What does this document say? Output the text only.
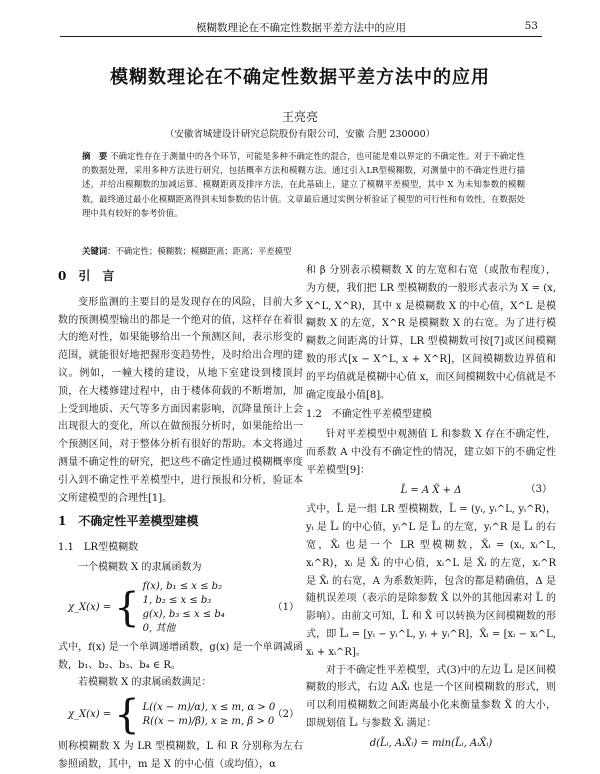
模糊数理论在不确定性数据平差方法中的应用	53
模糊数理论在不确定性数据平差方法中的应用
王亮亮
（安徽省城建设计研究总院股份有限公司，安徽 合肥 230000）
摘　要 不确定性存在于测量中的各个环节，可能是多种不确定性的混合，也可能是难以界定的不确定性。对于不确定性的数据处理，采用多种方法进行研究，包括概率方法和模糊方法。通过引入LR型模糊数，对测量中的不确定性进行描述，并给出模糊数的加减运算、模糊距离及排序方法，在此基础上，建立了模糊平差模型，其中 X 为未知参数的模糊数，最终通过最小化模糊距离得到未知参数的估计值。文章最后通过实例分析验证了模型的可行性和有效性，在数据处理中具有较好的参考价值。
关键词：不确定性；模糊数；模糊距离；距离；平差模型
0　引　言

变形监测的主要目的是发现存在的风险，目前大多数的预测模型输出的都是一个绝对的值，这样存在着很大的绝对性，如果能够给出一个预测区间，表示形变的范围，就能很好地把握形变趋势性，及时给出合理的建议。例如，一幢大楼的建设，从地下室建设到楼顶封顶，在大楼修建过程中，由于楼体荷载的不断增加，加上受到地质、天气等多方面因素影响，沉降量预计上会出现很大的变化，所以在做预报分析时，如果能给出一个预测区间，对于整体分析有很好的帮助。本文将通过测量不确定性的研究，把这些不确定性通过模糊概率度引入到不确定性平差模型中，进行预报和分析，验证本文所建模型的合理性[1]。

1　不确定性平差模型建模
1.1　LR型模糊数

一个模糊数 X 的隶属函数为

χ_X(x) = { f(x), b₁ ≤ x ≤ b₂
1, b₂ ≤ x ≤ b₃
g(x), b₃ ≤ x ≤ b₄
0, 其他
（1）

式中，f(x) 是一个单调递增函数，g(x) 是一个单调减函数，b₁、b₂、b₃、b₄ ∈ R。

若模糊数 X 的隶属函数满足：

χ_X(x) = { L((x − m)/α), x ≤ m, α > 0
R((x − m)/β), x ≥ m, β > 0
（2）

则称模糊数 X 为 LR 型模糊数，L 和 R 分别称为左右参照函数，其中，m 是 X 的中心值（或均值），α

和 β 分别表示模糊数 X 的左宽和右宽（或散布程度），为方便，我们把 LR 型模糊数的一般形式表示为 X = (x, X^L, X^R)，其中 x 是模糊数 X 的中心值，X^L 是模糊数 X 的左宽，X^R 是模糊数 X 的右宽。为了进行模糊数之间距离的计算，LR 型模糊数可按[7]或区间模糊数的形式[x − X^L, x + X^R]，区间模糊数边界值和的平均值就是模糊中心值 x，而区间模糊数中心值就是不确定度最小值[8]。

1.2　不确定性平差模型建模

针对平差模型中观测值 L 和参数 X 存在不确定性，而系数 A 中没有不确定性的情况，建立如下的不确定性平差模型[9]：

L̃ = A X̃ + Δ	（3）

式中，L̃ 是一组 LR 型模糊数，L̃ = (yᵢ, yᵢ^L, yᵢ^R)，yᵢ 是 L̃ᵢ 的中心值，yᵢ^L 是 L̃ᵢ 的左宽，yᵢ^R 是 L̃ᵢ 的右宽，X̃ᵢ 也是一个 LR 型模糊数，X̃ᵢ = (xᵢ, xᵢ^L, xᵢ^R)，xᵢ 是 X̃ᵢ 的中心值，xᵢ^L 是 X̃ᵢ 的左宽，xᵢ^R 是 X̃ᵢ 的右宽，A 为系数矩阵，包含的都是精确值，Δ 是随机误差项（表示的是除参数 X̃ 以外的其他因素对 L̃ 的影响）。由前文可知，L̃ 和 X̃ 可以转换为区间模糊数的形式，即 L̃ᵢ = [yᵢ − yᵢ^L, yᵢ + yᵢ^R]，X̃ᵢ = [xᵢ − xᵢ^L, xᵢ + xᵢ^R]。

对于不确定性平差模型，式(3)中的左边 L̃ᵢ 是区间模糊数的形式，右边 AᵢX̃ᵢ 也是一个区间模糊数的形式，则可以利用模糊数之间距离最小化来衡量参数 X̃ 的大小，即规划值 L̃ᵢ 与参数 X̃ᵢ 满足：

d(L̃ᵢ, AᵢX̃ᵢ) = min(L̃ᵢ, AᵢX̃ᵢ)
